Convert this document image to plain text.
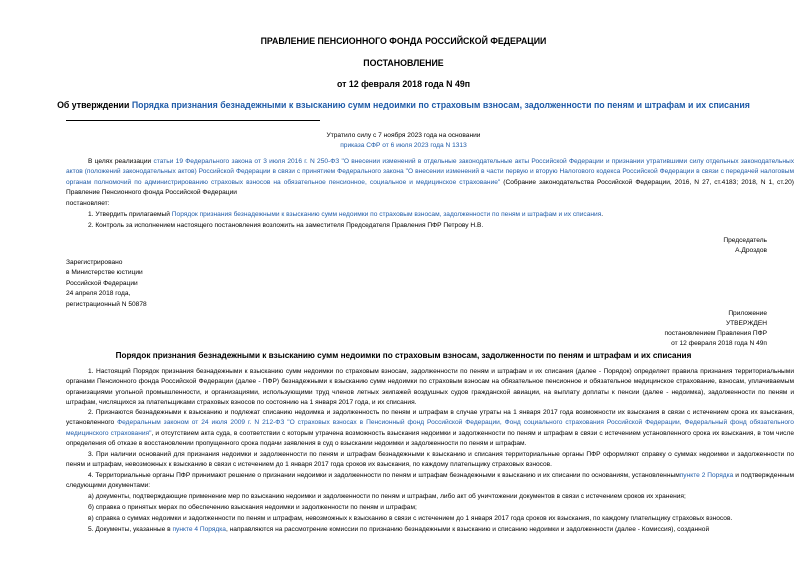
ПРАВЛЕНИЕ ПЕНСИОННОГО ФОНДА РОССИЙСКОЙ ФЕДЕРАЦИИ
ПОСТАНОВЛЕНИЕ
от 12 февраля 2018 года N 49п
Об утверждении Порядка признания безнадежными к взысканию сумм недоимки по страховым взносам, задолженности по пеням и штрафам и их списания
Утратило силу с 7 ноября 2023 года на основании
приказа СФР от 6 июля 2023 года N 1313

В целях реализации статьи 19 Федерального закона от 3 июля 2016 г. N 250-ФЗ "О внесении изменений в отдельные законодательные акты Российской Федерации и признании утратившими силу отдельных законодательных актов (положений законодательных актов) Российской Федерации в связи с принятием Федерального закона "О внесении изменений в части первую и вторую Налогового кодекса Российской Федерации в связи с передачей налоговым органам полномочий по администрированию страховых взносов на обязательное пенсионное, социальное и медицинское страхование" (Собрание законодательства Российской Федерации, 2016, N 27, ст.4183; 2018, N 1, ст.20) Правление Пенсионного фонда Российской Федерации

постановляет:

1. Утвердить прилагаемый Порядок признания безнадежными к взысканию сумм недоимки по страховым взносам, задолженности по пеням и штрафам и их списания.

2. Контроль за исполнением настоящего постановления возложить на заместителя Председателя Правления ПФР Петрову Н.В.

Председатель
А.Дроздов
Зарегистрировано
в Министерстве юстиции
Российской Федерации
24 апреля 2018 года,
регистрационный N 50878
Приложение
УТВЕРЖДЕН
постановлением Правления ПФР
от 12 февраля 2018 года N 49п
Порядок признания безнадежными к взысканию сумм недоимки по страховым взносам, задолженности по пеням и штрафам и их списания

1. Настоящий Порядок признания безнадежными к взысканию сумм недоимки по страховым взносам, задолженности по пеням и штрафам и их списания (далее - Порядок) определяет правила признания территориальными органами Пенсионного фонда Российской Федерации (далее - ПФР) безнадежными к взысканию сумм недоимки по страховым взносам на обязательное пенсионное и обязательное медицинское страхование, взносам, уплачиваемым организациями угольной промышленности, и организациями, использующими труд членов летных экипажей воздушных судов гражданской авиации, на выплату доплаты к пенсии (далее - недоимка), задолженности по пеням и штрафам, числящихся за плательщиками страховых взносов по состоянию на 1 января 2017 года, и их списания.

2. Признаются безнадежными к взысканию и подлежат списанию недоимка и задолженность по пеням и штрафам в случае утраты на 1 января 2017 года возможности их взыскания в связи с истечением срока их взыскания, установленного Федеральным законом от 24 июля 2009 г. N 212-ФЗ "О страховых взносах в Пенсионный фонд Российской Федерации, Фонд социального страхования Российской Федерации, Федеральный фонд обязательного медицинского страхования", и отсутствием акта суда, в соответствии с которым утрачена возможность взыскания недоимки и задолженности по пеням и штрафам в связи с истечением установленного срока их взыскания, в том числе определения об отказе в восстановлении пропущенного срока подачи заявления в суд о взыскании недоимки и задолженности по пеням и штрафам.

3. При наличии оснований для признания недоимки и задолженности по пеням и штрафам безнадежными к взысканию и списания территориальные органы ПФР оформляют справку о суммах недоимки и задолженности по пеням и штрафам, невозможных к взысканию в связи с истечением до 1 января 2017 года сроков их взыскания, по каждому плательщику страховых взносов.

4. Территориальные органы ПФР принимают решение о признании недоимки и задолженности по пеням и штрафам безнадежными к взысканию и их списании по основаниям, установленнымпункте 2 Порядка и подтвержденным следующими документами:

а) документы, подтверждающие применение мер по взысканию недоимки и задолженности по пеням и штрафам, либо акт об уничтожении документов в связи с истечением сроков их хранения;

б) справка о принятых мерах по обеспечению взыскания недоимки и задолженности по пеням и штрафам;

в) справка о суммах недоимки и задолженности по пеням и штрафам, невозможных к взысканию в связи с истечением до 1 января 2017 года сроков их взыскания, по каждому плательщику страховых взносов.

5. Документы, указанные в пункте 4 Порядка, направляются на рассмотрение комиссии по признанию безнадежными к взысканию и списанию недоимки и задолженности (далее - Комиссия), созданной
